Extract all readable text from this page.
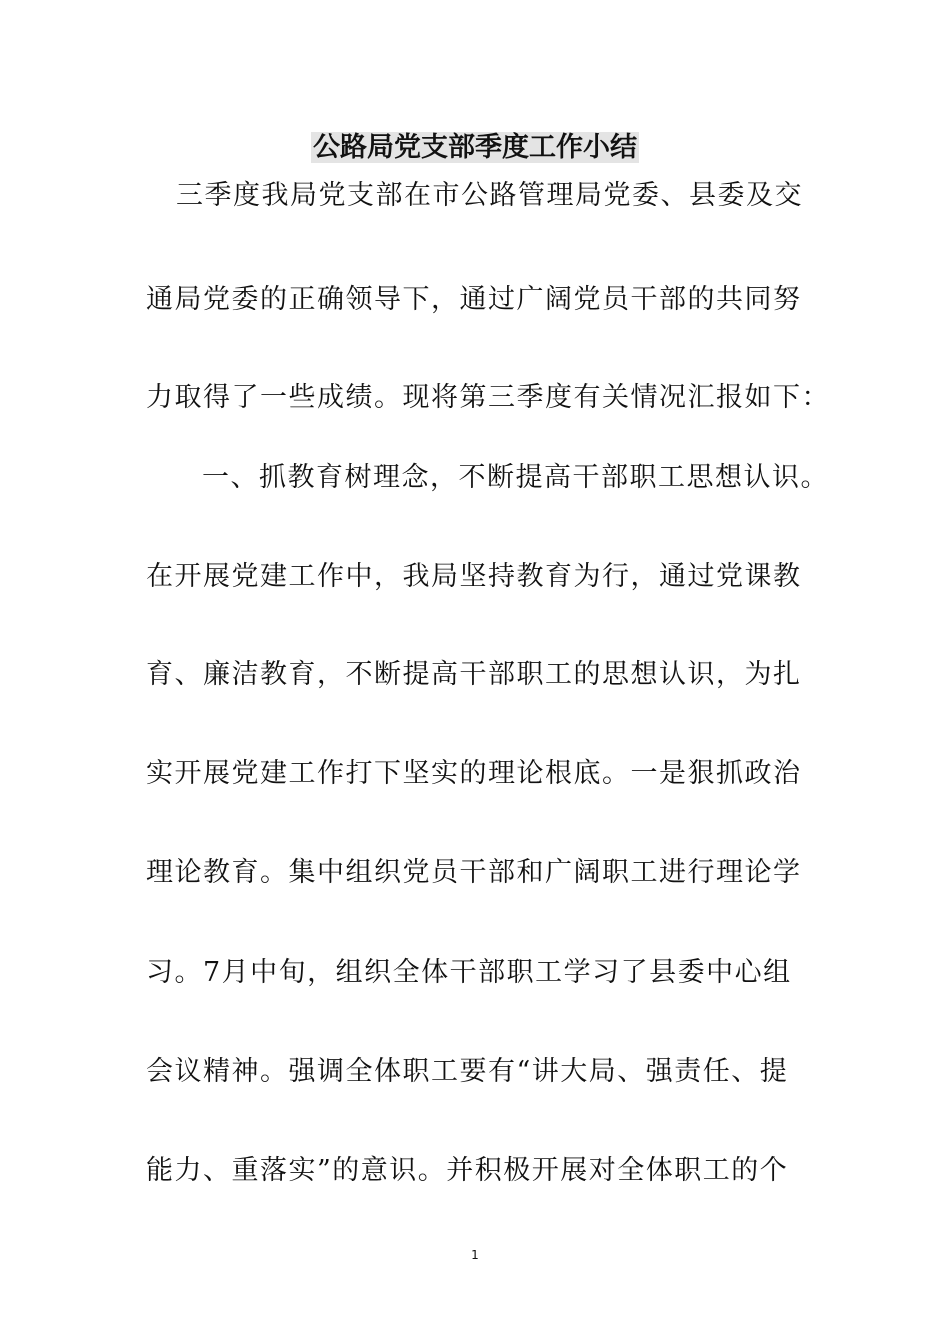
公路局党支部季度工作小结
三季度我局党支部在市公路管理局党委、县委及交
通局党委的正确领导下，通过广阔党员干部的共同努
力取得了一些成绩。现将第三季度有关情况汇报如下：
一、抓教育树理念，不断提高干部职工思想认识。
在开展党建工作中，我局坚持教育为行，通过党课教
育、廉洁教育，不断提高干部职工的思想认识，为扎
实开展党建工作打下坚实的理论根底。一是狠抓政治
理论教育。集中组织党员干部和广阔职工进行理论学
习。7月中旬，组织全体干部职工学习了县委中心组
会议精神。强调全体职工要有“讲大局、强责任、提
能力、重落实”的意识。并积极开展对全体职工的个
1
